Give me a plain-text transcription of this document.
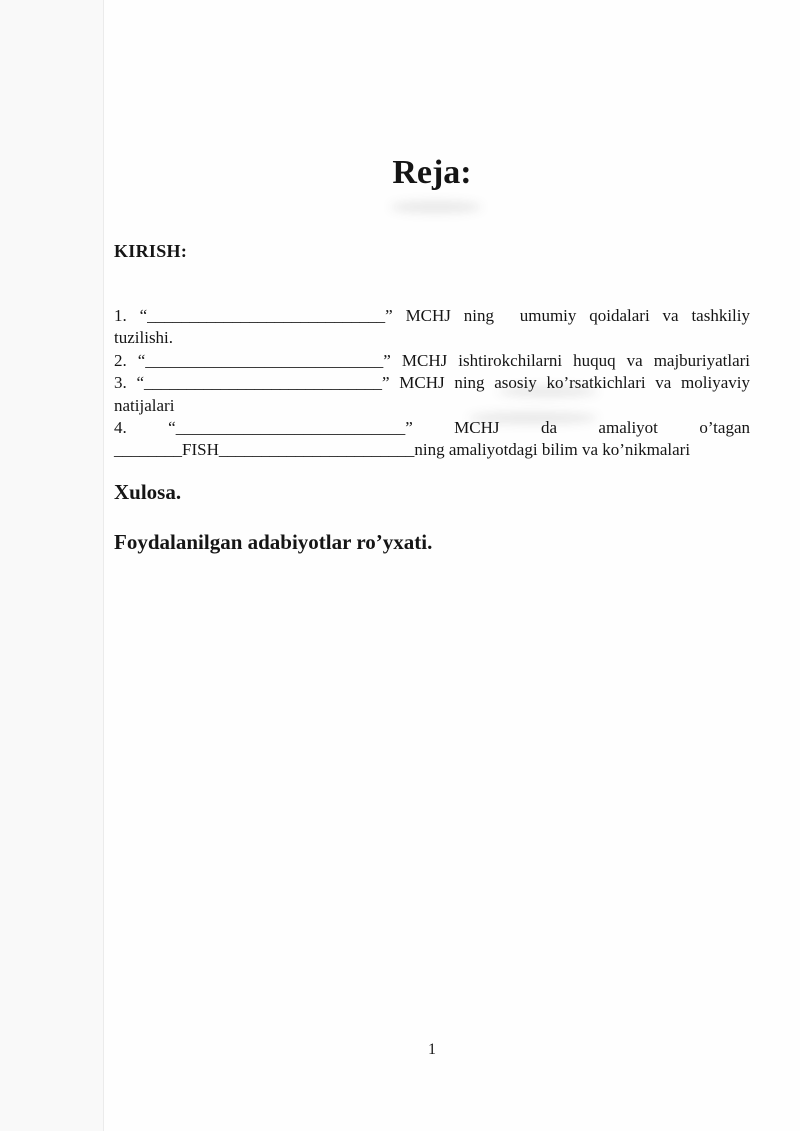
Reja:
KIRISH:
1. “____________________________” MCHJ ning  umumiy qoidalari va tashkiliy
tuzilishi.
2. “____________________________” MCHJ ishtirokchilarni huquq va majburiyatlari
3. “____________________________” MCHJ ning asosiy ko’rsatkichlari va moliyaviy
natijalari
4. “___________________________” MCHJ da amaliyot o’tagan
________FISH_______________________ning amaliyotdagi bilim va ko’nikmalari
Xulosa.
Foydalanilgan adabiyotlar ro’yxati.
1
